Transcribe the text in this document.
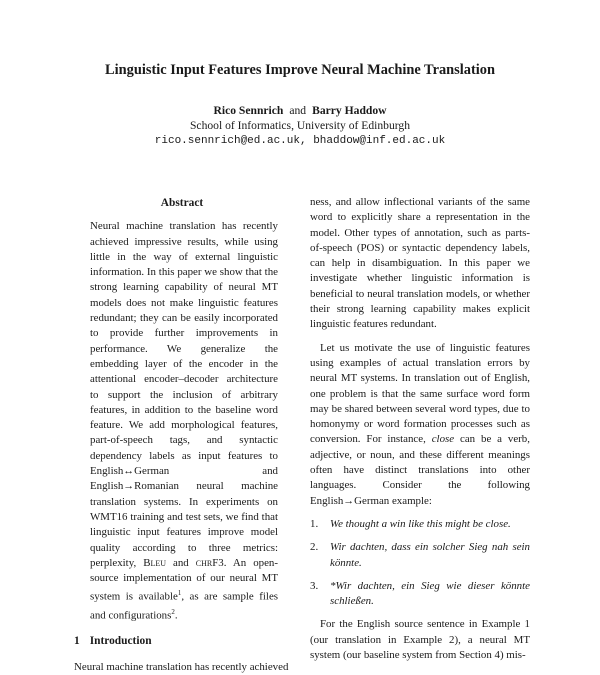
Linguistic Input Features Improve Neural Machine Translation
Rico Sennrich and Barry Haddow
School of Informatics, University of Edinburgh
rico.sennrich@ed.ac.uk, bhaddow@inf.ed.ac.uk
Abstract
Neural machine translation has recently achieved impressive results, while using little in the way of external linguistic information. In this paper we show that the strong learning capability of neural MT models does not make linguistic features redundant; they can be easily incorporated to provide further improvements in performance. We generalize the embedding layer of the encoder in the attentional encoder–decoder architecture to support the inclusion of arbitrary features, in addition to the baseline word feature. We add morphological features, part-of-speech tags, and syntactic dependency labels as input features to English↔German and English→Romanian neural machine translation systems. In experiments on WMT16 training and test sets, we find that linguistic input features improve model quality according to three metrics: perplexity, Bleu and chrF3. An open-source implementation of our neural MT system is available$^1$, as are sample files and configurations$^2$.
1 Introduction
Neural machine translation has recently achieved
ness, and allow inflectional variants of the same word to explicitly share a representation in the model. Other types of annotation, such as parts-of-speech (POS) or syntactic dependency labels, can help in disambiguation. In this paper we investigate whether linguistic information is beneficial to neural translation models, or whether their strong learning capability makes explicit linguistic features redundant.
Let us motivate the use of linguistic features using examples of actual translation errors by neural MT systems. In translation out of English, one problem is that the same surface word form may be shared between several word types, due to homonymy or word formation processes such as conversion. For instance, close can be a verb, adjective, or noun, and these different meanings often have distinct translations into other languages. Consider the following English→German example:
1.	We thought a win like this might be close.
2.	Wir dachten, dass ein solcher Sieg nah sein könnte.
3.	*Wir dachten, ein Sieg wie dieser könnte schließen.
For the English source sentence in Example 1 (our translation in Example 2), a neural MT system (our baseline system from Section 4) mis-
